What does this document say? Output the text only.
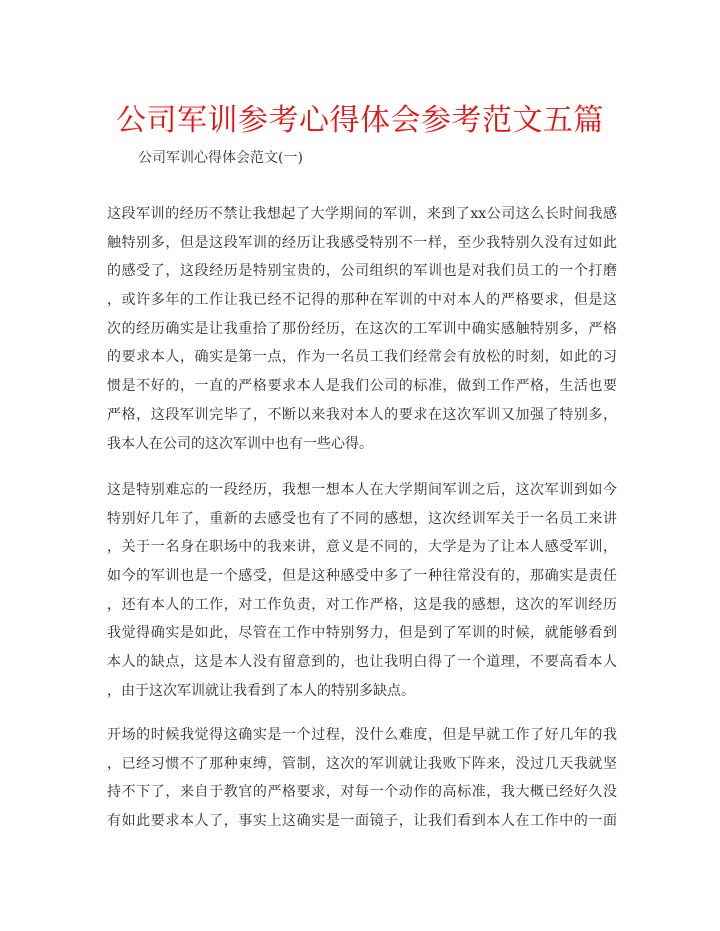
公司军训参考心得体会参考范文五篇
公司军训心得体会范文(一)
这段军训的经历不禁让我想起了大学期间的军训，来到了xx公司这么长时间我感
触特别多，但是这段军训的经历让我感受特别不一样，至少我特别久没有过如此
的感受了，这段经历是特别宝贵的，公司组织的军训也是对我们员工的一个打磨
，或许多年的工作让我已经不记得的那种在军训的中对本人的严格要求，但是这
次的经历确实是让我重拾了那份经历，在这次的工军训中确实感触特别多，严格
的要求本人，确实是第一点，作为一名员工我们经常会有放松的时刻，如此的习
惯是不好的，一直的严格要求本人是我们公司的标准，做到工作严格，生活也要
严格，这段军训完毕了，不断以来我对本人的要求在这次军训又加强了特别多，
我本人在公司的这次军训中也有一些心得。
这是特别难忘的一段经历，我想一想本人在大学期间军训之后，这次军训到如今
特别好几年了，重新的去感受也有了不同的感想，这次经训军关于一名员工来讲
，关于一名身在职场中的我来讲，意义是不同的，大学是为了让本人感受军训，
如今的军训也是一个感受，但是这种感受中多了一种往常没有的，那确实是责任
，还有本人的工作，对工作负责，对工作严格，这是我的感想，这次的军训经历
我觉得确实是如此，尽管在工作中特别努力，但是到了军训的时候，就能够看到
本人的缺点，这是本人没有留意到的，也让我明白得了一个道理，不要高看本人
，由于这次军训就让我看到了本人的特别多缺点。
开场的时候我觉得这确实是一个过程，没什么难度，但是早就工作了好几年的我
，已经习惯不了那种束缚，管制，这次的军训就让我败下阵来，没过几天我就坚
持不下了，来自于教官的严格要求，对每一个动作的高标准，我大概已经好久没
有如此要求本人了，事实上这确实是一面镜子，让我们看到本人在工作中的一面
